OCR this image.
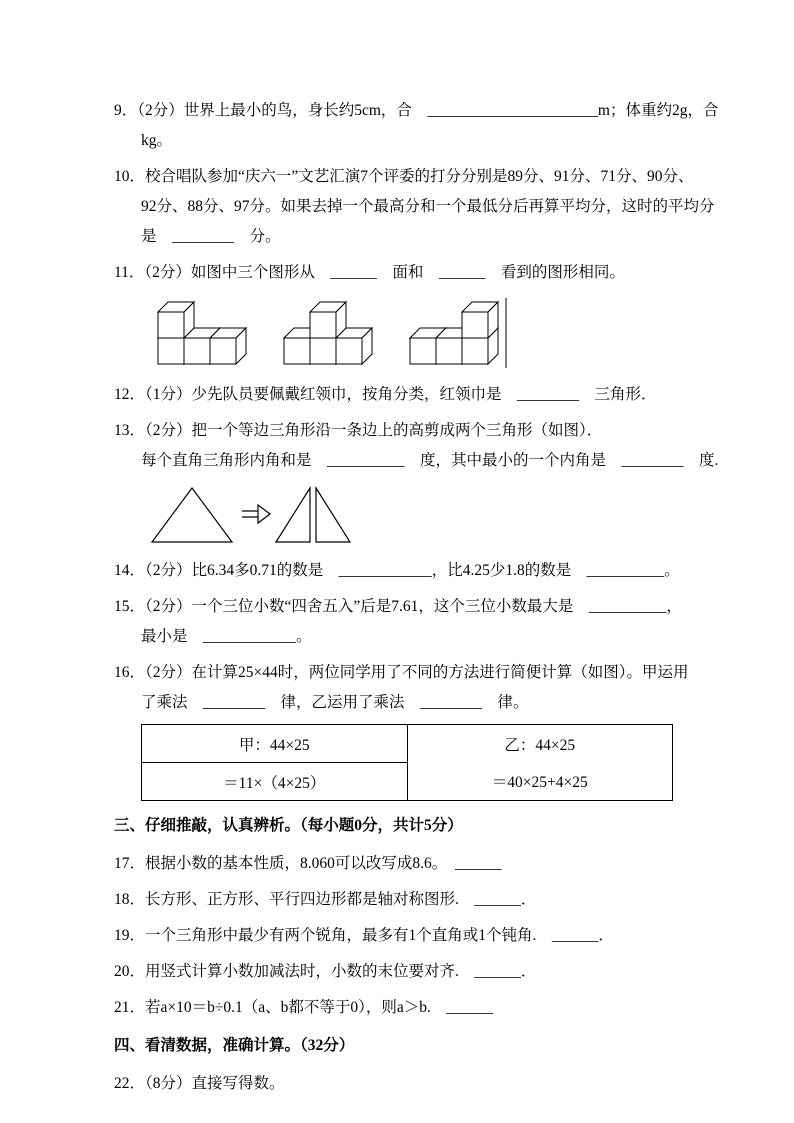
9．（2分）世界上最小的鸟，身长约5cm，合　______________________m；体重约2g，合
kg。
10．校合唱队参加“庆六一”文艺汇演7个评委的打分分别是89分、91分、71分、90分、
92分、88分、97分。如果去掉一个最高分和一个最低分后再算平均分，这时的平均分
是　________　分。
11．（2分）如图中三个图形从　______　面和　______　看到的图形相同。
12．（1分）少先队员要佩戴红领巾，按角分类，红领巾是　________　三角形．
13．（2分）把一个等边三角形沿一条边上的高剪成两个三角形（如图）．
每个直角三角形内角和是　__________　度，其中最小的一个内角是　________　度.
14．（2分）比6.34多0.71的数是　____________，比4.25少1.8的数是　__________。
15．（2分）一个三位小数“四舍五入”后是7.61，这个三位小数最大是　__________，
最小是　____________。
16．（2分）在计算25×44时，两位同学用了不同的方法进行简便计算（如图）。甲运用
了乘法　________　律，乙运用了乘法　________　律。
甲：44×25
＝11×（4×25）
乙：44×25
＝40×25+4×25
三、仔细推敲，认真辨析。（每小题0分，共计5分）
17．根据小数的基本性质，8.060可以改写成8.6。　______
18．长方形、正方形、平行四边形都是轴对称图形.　______．
19．一个三角形中最少有两个锐角，最多有1个直角或1个钝角.　______．
20．用竖式计算小数加减法时，小数的末位要对齐.　______．
21．若a×10＝b÷0.1（a、b都不等于0），则a＞b.　______
四、看清数据，准确计算。（32分）
22．（8分）直接写得数。
